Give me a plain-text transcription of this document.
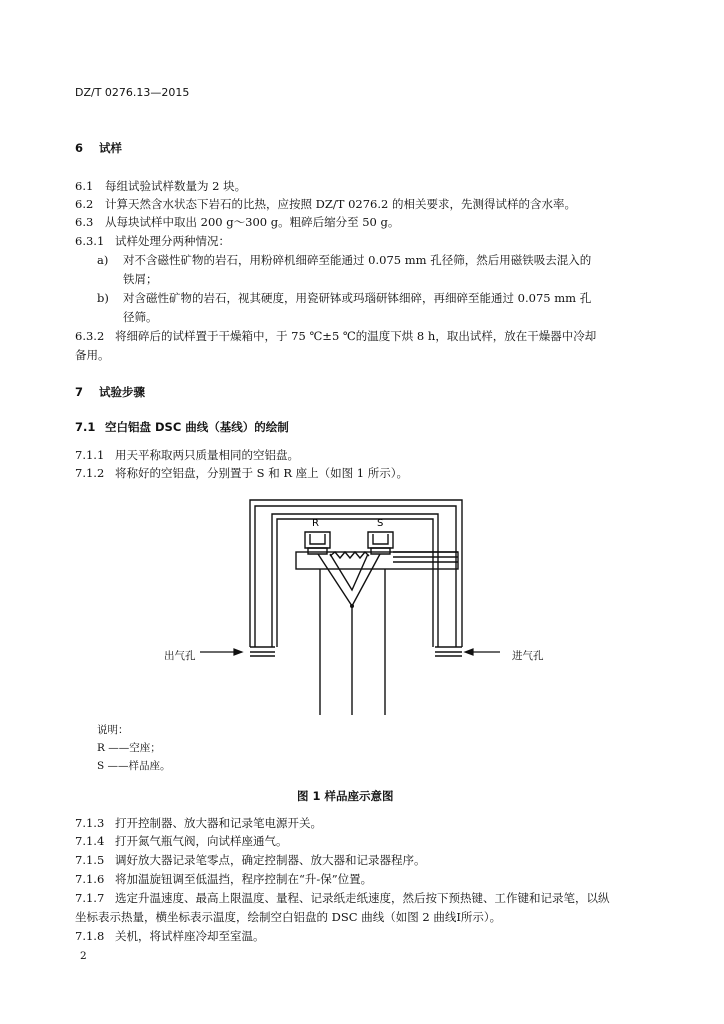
DZ/T 0276.13—2015
6 试样
6.1 每组试验试样数量为 2 块。
6.2 计算天然含水状态下岩石的比热，应按照 DZ/T 0276.2 的相关要求，先测得试样的含水率。
6.3 从每块试样中取出 200 g～300 g。粗碎后缩分至 50 g。
6.3.1 试样处理分两种情况：
a) 对不含磁性矿物的岩石，用粉碎机细碎至能通过 0.075 mm 孔径筛，然后用磁铁吸去混入的
铁屑；
b) 对含磁性矿物的岩石，视其硬度，用瓷研钵或玛瑙研钵细碎，再细碎至能通过 0.075 mm 孔
径筛。
6.3.2 将细碎后的试样置于干燥箱中，于 75 ℃±5 ℃的温度下烘 8 h，取出试样，放在干燥器中冷却
备用。
7 试验步骤
7.1 空白铝盘 DSC 曲线（基线）的绘制
7.1.1 用天平称取两只质量相同的空铝盘。
7.1.2 将称好的空铝盘，分别置于 S 和 R 座上（如图 1 所示）。
R	S
出气孔	进气孔
说明：
R ——空座；
S ——样品座。
图 1 样品座示意图
7.1.3 打开控制器、放大器和记录笔电源开关。
7.1.4 打开氮气瓶气阀，向试样座通气。
7.1.5 调好放大器记录笔零点，确定控制器、放大器和记录器程序。
7.1.6 将加温旋钮调至低温挡，程序控制在“升-保”位置。
7.1.7 选定升温速度、最高上限温度、量程、记录纸走纸速度，然后按下预热键、工作键和记录笔，以纵
坐标表示热量，横坐标表示温度，绘制空白铝盘的 DSC 曲线（如图 2 曲线Ⅰ所示）。
7.1.8 关机，将试样座冷却至室温。
2
